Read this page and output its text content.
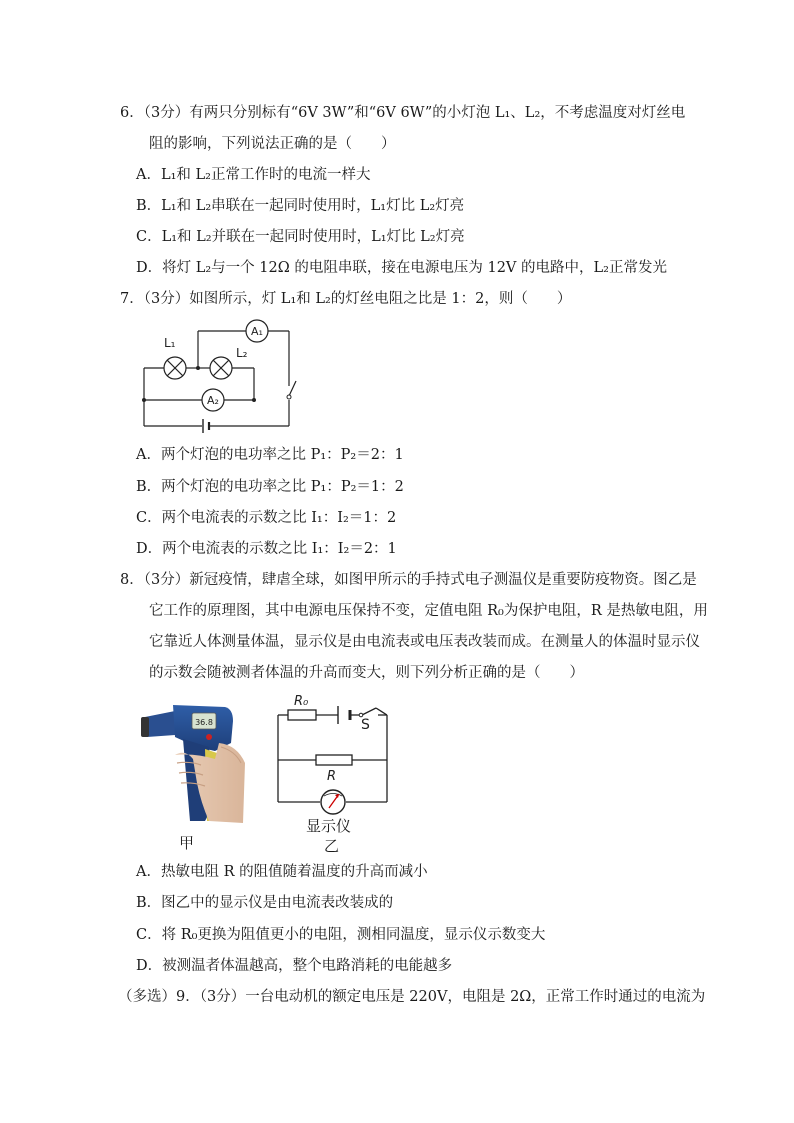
6．（3分）有两只分别标有“6V 3W”和“6V 6W”的小灯泡 L₁、L₂，不考虑温度对灯丝电
阻的影响，下列说法正确的是（　　）
A．L₁和 L₂正常工作时的电流一样大
B．L₁和 L₂串联在一起同时使用时，L₁灯比 L₂灯亮
C．L₁和 L₂并联在一起同时使用时，L₁灯比 L₂灯亮
D．将灯 L₂与一个 12Ω 的电阻串联，接在电源电压为 12V 的电路中，L₂正常发光
7．（3分）如图所示，灯 L₁和 L₂的灯丝电阻之比是 1：2，则（　　）
L₁
L₂
A₁
A₂
A．两个灯泡的电功率之比 P₁：P₂＝2：1
B．两个灯泡的电功率之比 P₁：P₂＝1：2
C．两个电流表的示数之比 I₁：I₂＝1：2
D．两个电流表的示数之比 I₁：I₂＝2：1
8．（3分）新冠疫情，肆虐全球，如图甲所示的手持式电子测温仪是重要防疫物资。图乙是
它工作的原理图，其中电源电压保持不变，定值电阻 R₀为保护电阻，R 是热敏电阻，用
它靠近人体测量体温，显示仪是由电流表或电压表改装而成。在测量人的体温时显示仪
的示数会随被测者体温的升高而变大，则下列分析正确的是（　　）
36.8
甲
R₀
S
R
显示仪
乙
A．热敏电阻 R 的阻值随着温度的升高而减小
B．图乙中的显示仪是由电流表改装成的
C．将 R₀更换为阻值更小的电阻，测相同温度，显示仪示数变大
D．被测温者体温越高，整个电路消耗的电能越多
（多选）9．（3分）一台电动机的额定电压是 220V，电阻是 2Ω，正常工作时通过的电流为
